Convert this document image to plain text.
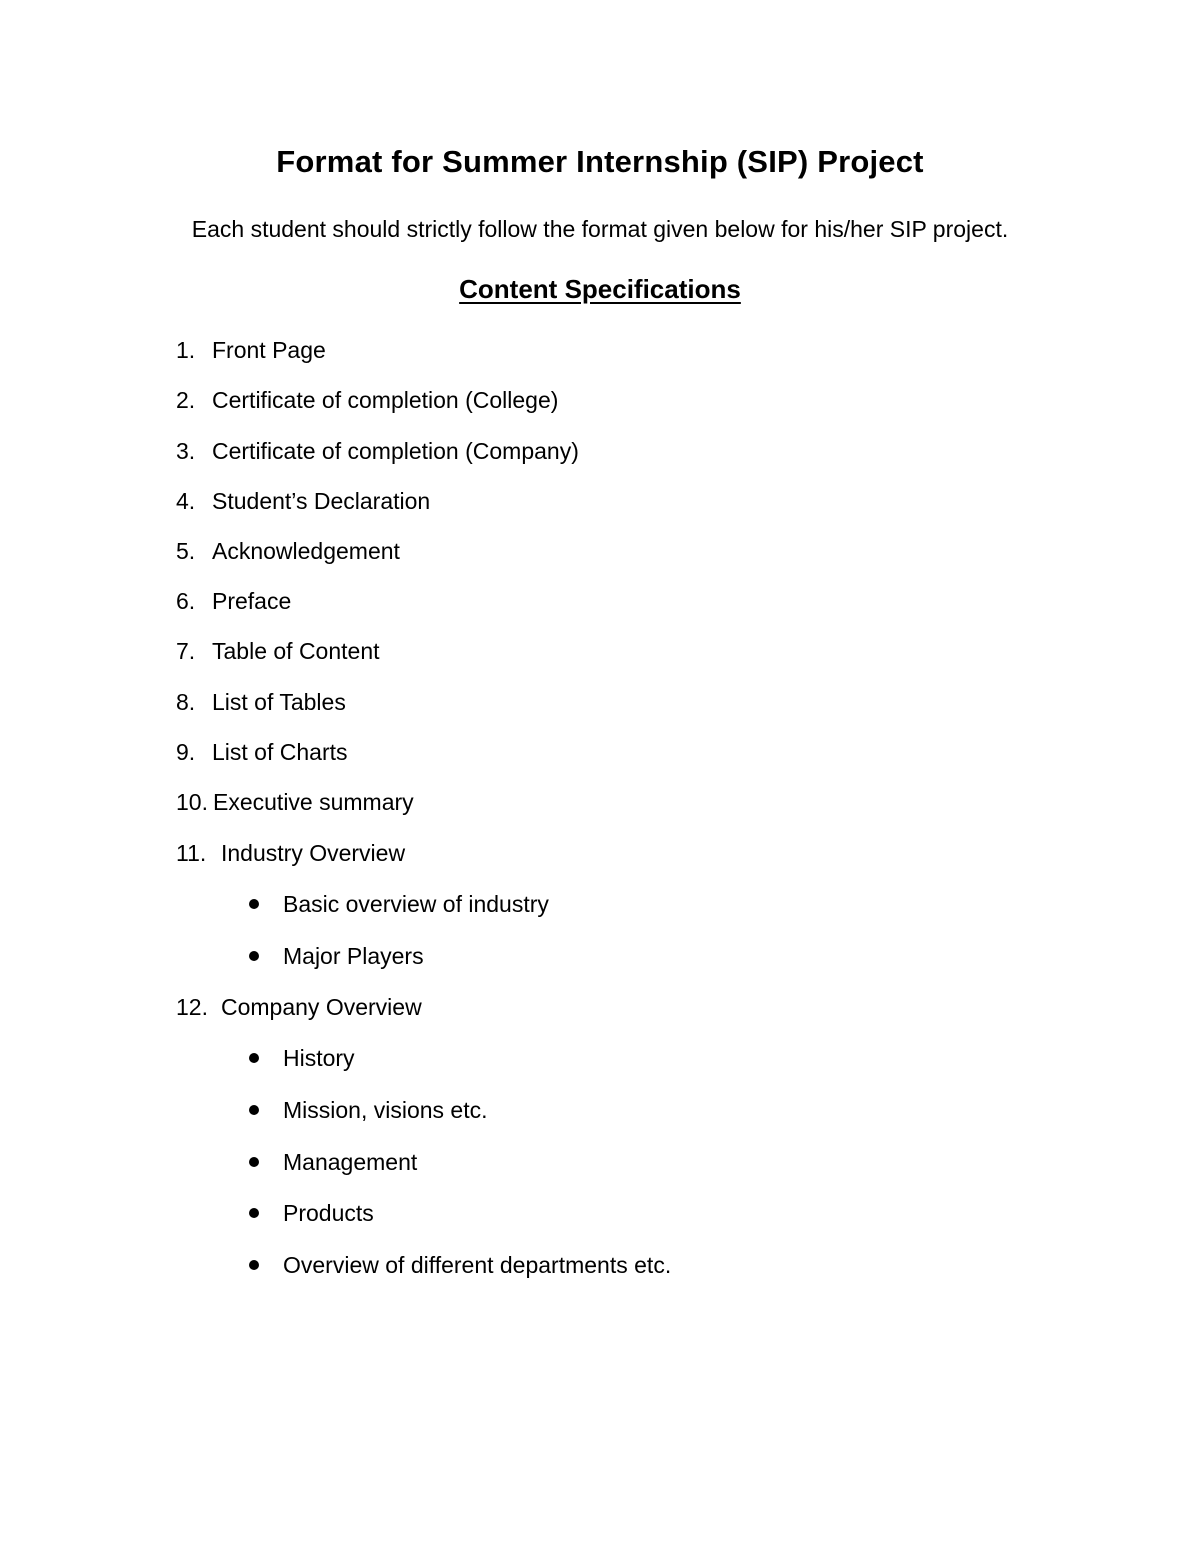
Format for Summer Internship (SIP) Project
Each student should strictly follow the format given below for his/her SIP project.
Content Specifications
1. Front Page
2. Certificate of completion (College)
3. Certificate of completion (Company)
4. Student’s Declaration
5. Acknowledgement
6. Preface
7. Table of Content
8. List of Tables
9. List of Charts
10. Executive summary
11. Industry Overview
Basic overview of industry
Major Players
12. Company Overview
History
Mission, visions etc.
Management
Products
Overview of different departments etc.
